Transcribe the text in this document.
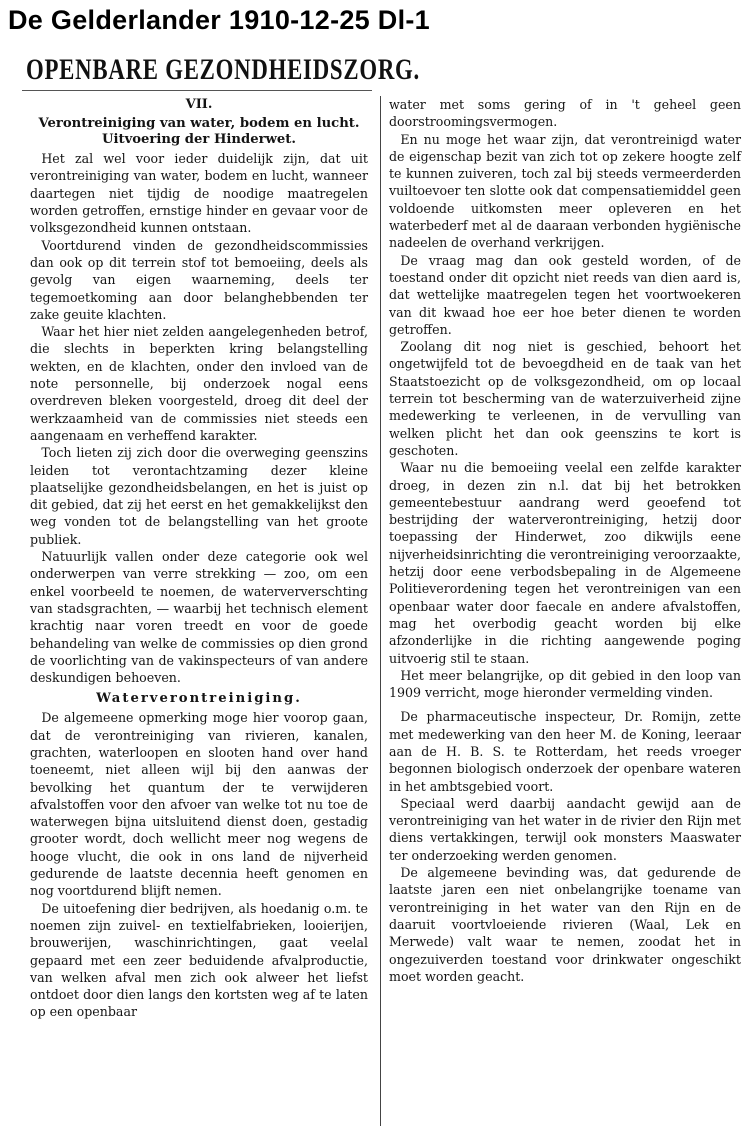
De Gelderlander 1910-12-25 Dl-1
OPENBARE GEZONDHEIDSZORG.
VII.
Verontreiniging van water, bodem en lucht.
Uitvoering der Hinderwet.

Het zal wel voor ieder duidelijk zijn, dat uit verontreiniging van water, bodem en lucht, wanneer daartegen niet tijdig de noodige maatregelen worden getroffen, ernstige hinder en gevaar voor de volksgezondheid kunnen ontstaan.

Voortdurend vinden de gezondheidscommissies dan ook op dit terrein stof tot bemoeiing, deels als gevolg van eigen waarneming, deels ter tegemoetkoming aan door belanghebbenden ter zake geuite klachten.

Waar het hier niet zelden aangelegenheden betrof, die slechts in beperkten kring belangstelling wekten, en de klachten, onder den invloed van de note personnelle, bij onderzoek nogal eens overdreven bleken voorgesteld, droeg dit deel der werkzaamheid van de commissies niet steeds een aangenaam en verheffend karakter.

Toch lieten zij zich door die overweging geenszins leiden tot verontachtzaming dezer kleine plaatselijke gezondheidsbelangen, en het is juist op dit gebied, dat zij het eerst en het gemakkelijkst den weg vonden tot de belangstelling van het groote publiek.

Natuurlijk vallen onder deze categorie ook wel onderwerpen van verre strekking — zoo, om een enkel voorbeeld te noemen, de waterververschting van stadsgrachten, — waarbij het technisch element krachtig naar voren treedt en voor de goede behandeling van welke de commissies op dien grond de voorlichting van de vakinspecteurs of van andere deskundigen behoeven.

Waterverontreiniging.

De algemeene opmerking moge hier voorop gaan, dat de verontreiniging van rivieren, kanalen, grachten, waterloopen en slooten hand over hand toeneemt, niet alleen wijl bij den aanwas der bevolking het quantum der te verwijderen afvalstoffen voor den afvoer van welke tot nu toe de waterwegen bijna uitsluitend dienst doen, gestadig grooter wordt, doch wellicht meer nog wegens de hooge vlucht, die ook in ons land de nijverheid gedurende de laatste decennia heeft genomen en nog voortdurend blijft nemen.

De uitoefening dier bedrijven, als hoedanig o.m. te noemen zijn zuivel- en textielfabrieken, looierijen, brouwerijen, waschinrichtingen, gaat veelal gepaard met een zeer beduidende afvalproductie, van welken afval men zich ook alweer het liefst ontdoet door dien langs den kortsten weg af te laten op een openbaar

water met soms gering of in 't geheel geen doorstroomingsvermogen.

En nu moge het waar zijn, dat verontreinigd water de eigenschap bezit van zich tot op zekere hoogte zelf te kunnen zuiveren, toch zal bij steeds vermeerderden vuiltoevoer ten slotte ook dat compensatiemiddel geen voldoende uitkomsten meer opleveren en het waterbederf met al de daaraan verbonden hygiënische nadeelen de overhand verkrijgen.

De vraag mag dan ook gesteld worden, of de toestand onder dit opzicht niet reeds van dien aard is, dat wettelijke maatregelen tegen het voortwoekeren van dit kwaad hoe eer hoe beter dienen te worden getroffen.

Zoolang dit nog niet is geschied, behoort het ongetwijfeld tot de bevoegdheid en de taak van het Staatstoezicht op de volksgezondheid, om op locaal terrein tot bescherming van de waterzuiverheid zijne medewerking te verleenen, in de vervulling van welken plicht het dan ook geenszins te kort is geschoten.

Waar nu die bemoeiing veelal een zelfde karakter droeg, in dezen zin n.l. dat bij het betrokken gemeentebestuur aandrang werd geoefend tot bestrijding der waterverontreiniging, hetzij door toepassing der Hinderwet, zoo dikwijls eene nijverheidsinrichting die verontreiniging veroorzaakte, hetzij door eene verbodsbepaling in de Algemeene Politieverordening tegen het verontreinigen van een openbaar water door faecale en andere afvalstoffen, mag het overbodig geacht worden bij elke afzonderlijke in die richting aangewende poging uitvoerig stil te staan.

Het meer belangrijke, op dit gebied in den loop van 1909 verricht, moge hieronder vermelding vinden.

De pharmaceutische inspecteur, Dr. Romijn, zette met medewerking van den heer M. de Koning, leeraar aan de H. B. S. te Rotterdam, het reeds vroeger begonnen biologisch onderzoek der openbare wateren in het ambtsgebied voort.

Speciaal werd daarbij aandacht gewijd aan de verontreiniging van het water in de rivier den Rijn met diens vertakkingen, terwijl ook monsters Maaswater ter onderzoeking werden genomen.

De algemeene bevinding was, dat gedurende de laatste jaren een niet onbelangrijke toename van verontreiniging in het water van den Rijn en de daaruit voortvloeiende rivieren (Waal, Lek en Merwede) valt waar te nemen, zoodat het in ongezuiverden toestand voor drinkwater ongeschikt moet worden geacht.
